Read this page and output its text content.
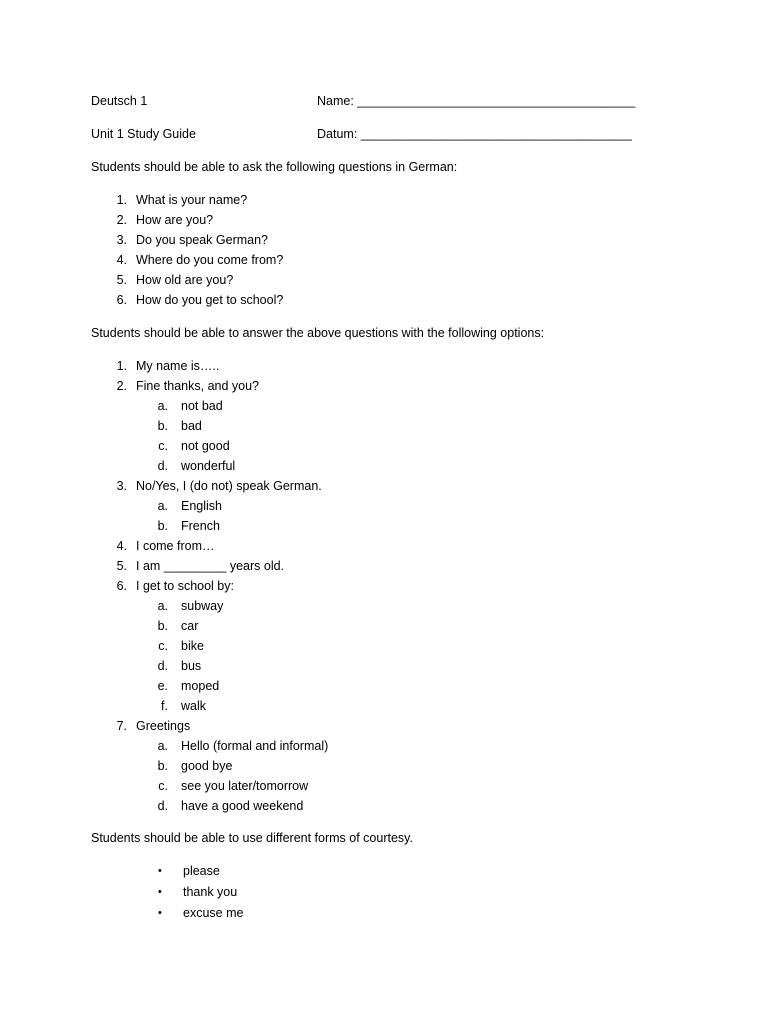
Deutsch 1	Name: ________________________________________
Unit 1 Study Guide	Datum: _______________________________________
Students should be able to ask the following questions in German:
1. What is your name?
2. How are you?
3. Do you speak German?
4. Where do you come from?
5. How old are you?
6. How do you get to school?
Students should be able to answer the above questions with the following options:
1. My name is…..
2. Fine thanks, and you?
a. not bad
b. bad
c. not good
d. wonderful
3. No/Yes, I (do not) speak German.
a. English
b. French
4. I come from…
5. I am _________ years old.
6. I get to school by:
a. subway
b. car
c. bike
d. bus
e. moped
f. walk
7. Greetings
a. Hello (formal and informal)
b. good bye
c. see you later/tomorrow
d. have a good weekend
Students should be able to use different forms of courtesy.
• please
• thank you
• excuse me
